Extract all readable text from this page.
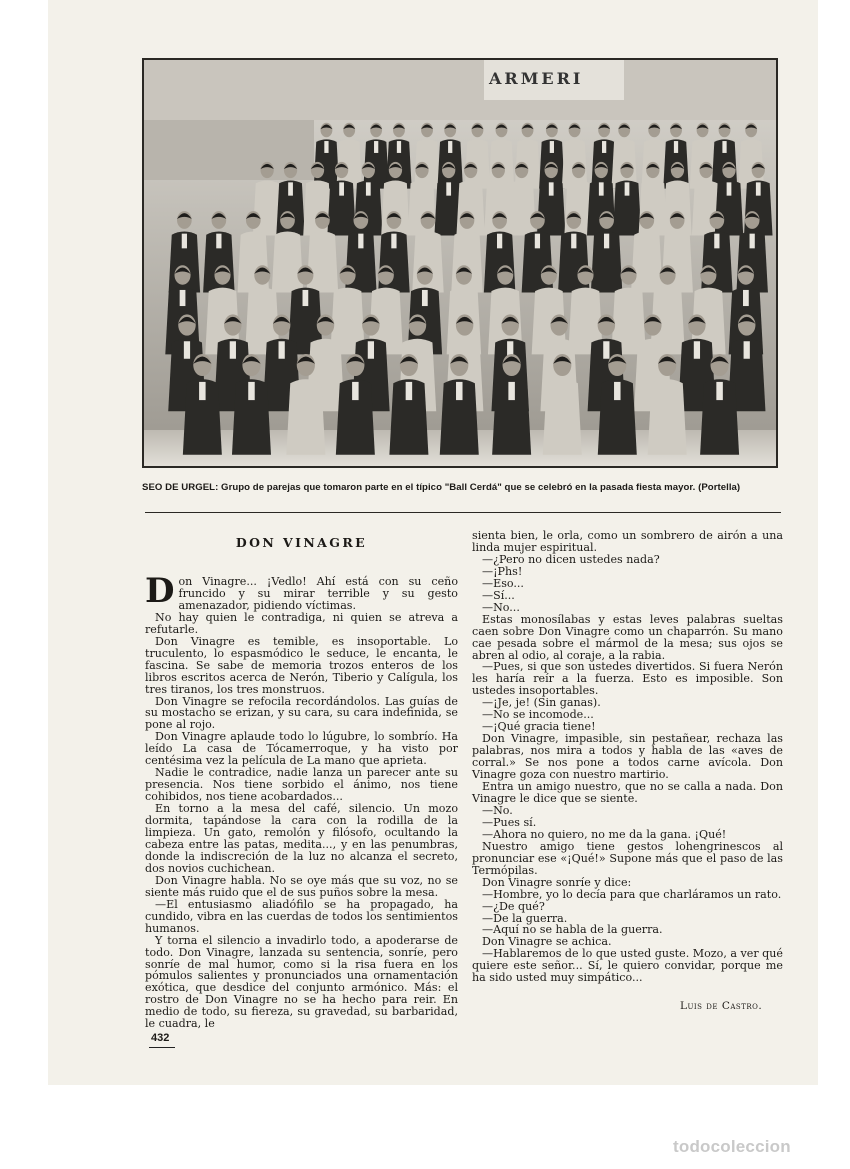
ARMERI
SEO DE URGEL: Grupo de parejas que tomaron parte en el típico "Ball Cerdá" que se celebró en la pasada fiesta mayor. (Portella)
DON VINAGRE

Don Vinagre... ¡Vedlo! Ahí está con su ceño fruncido y su mirar terrible y su gesto amenazador, pidiendo víctimas.

No hay quien le contradiga, ni quien se atreva a refutarle.

Don Vinagre es temible, es insoportable. Lo truculento, lo espasmódico le seduce, le encanta, le fascina. Se sabe de memoria trozos enteros de los libros escritos acerca de Nerón, Tiberio y Calígula, los tres tiranos, los tres monstruos.

Don Vinagre se refocila recordándolos. Las guías de su mostacho se erizan, y su cara, su cara indefinida, se pone al rojo.

Don Vinagre aplaude todo lo lúgubre, lo sombrío. Ha leído La casa de Tócamerroque, y ha visto por centésima vez la película de La mano que aprieta.

Nadie le contradice, nadie lanza un parecer ante su presencia. Nos tiene sorbido el ánimo, nos tiene cohibidos, nos tiene acobardados...

En torno a la mesa del café, silencio. Un mozo dormita, tapándose la cara con la rodilla de la limpieza. Un gato, remolón y filósofo, ocultando la cabeza entre las patas, medita..., y en las penumbras, donde la indiscreción de la luz no alcanza el secreto, dos novios cuchichean.

Don Vinagre habla. No se oye más que su voz, no se siente más ruido que el de sus puños sobre la mesa.

—El entusiasmo aliadófilo se ha propagado, ha cundido, vibra en las cuerdas de todos los sentimientos humanos.

Y torna el silencio a invadirlo todo, a apoderarse de todo. Don Vinagre, lanzada su sentencia, sonríe, pero sonríe de mal humor, como si la risa fuera en los pómulos salientes y pronunciados una ornamentación exótica, que desdice del conjunto armónico. Más: el rostro de Don Vinagre no se ha hecho para reir. En medio de todo, su fiereza, su gravedad, su barbaridad, le cuadra, le

sienta bien, le orla, como un sombrero de airón a una linda mujer espiritual.

—¿Pero no dicen ustedes nada?

—¡Phs!

—Eso...

—Sí...

—No...

Estas monosílabas y estas leves palabras sueltas caen sobre Don Vinagre como un chaparrón. Su mano cae pesada sobre el mármol de la mesa; sus ojos se abren al odio, al coraje, a la rabia.

—Pues, si que son ustedes divertidos. Si fuera Nerón les haría reír a la fuerza. Esto es imposible. Son ustedes insoportables.

—¡Je, je! (Sin ganas).

—No se incomode...

—¡Qué gracia tiene!

Don Vinagre, impasible, sin pestañear, rechaza las palabras, nos mira a todos y habla de las «aves de corral.» Se nos pone a todos carne avícola. Don Vinagre goza con nuestro martirio.

Entra un amigo nuestro, que no se calla a nada. Don Vinagre le dice que se siente.

—No.

—Pues sí.

—Ahora no quiero, no me da la gana. ¡Qué!

Nuestro amigo tiene gestos lohengrinescos al pronunciar ese «¡Qué!» Supone más que el paso de las Termópilas.

Don Vinagre sonríe y dice:

—Hombre, yo lo decía para que charláramos un rato.

—¿De qué?

—De la guerra.

—Aquí no se habla de la guerra.

Don Vinagre se achica.

—Hablaremos de lo que usted guste. Mozo, a ver qué quiere este señor... Sí, le quiero convidar, porque me ha sido usted muy simpático...

Luis de Castro.
432
todocoleccion
